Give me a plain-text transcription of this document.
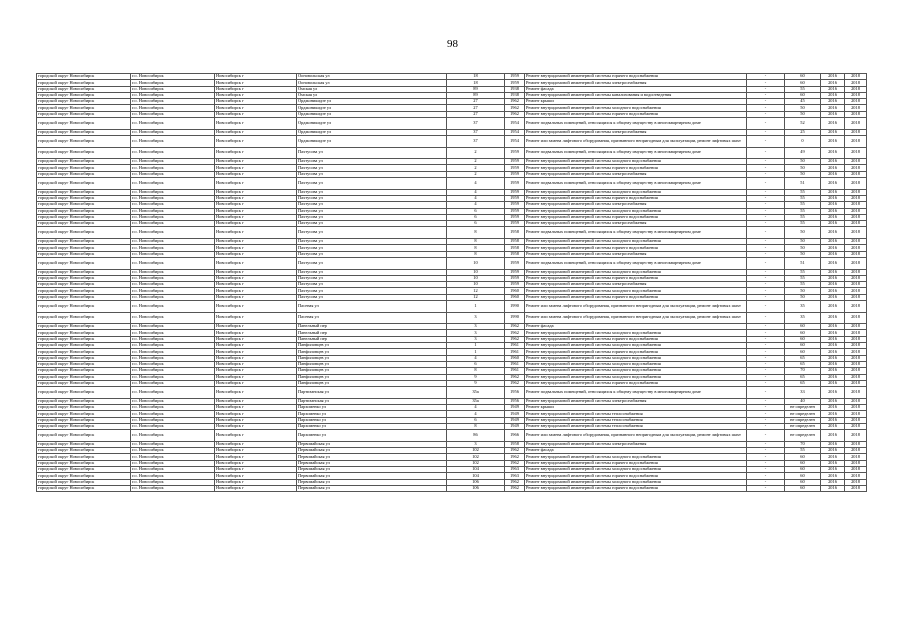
98
городской округ Новосибирск	г.о. Новосибирск	Новосибирск г	Ооновольская ул	18	1959	Ремонт внутридомовой инженерной системы горячего водоснабжения	-	60	2016	2018
городской округ Новосибирск	г.о. Новосибирск	Новосибирск г	Ооновольская ул	18	1959	Ремонт внутридомовой инженерной системы электроснабжения	-	60	2016	2018
городской округ Новосибирск	г.о. Новосибирск	Новосибирск г	Омская ул	89	1938	Ремонт фасада	-	55	2016	2018
городской округ Новосибирск	г.о. Новосибирск	Новосибирск г	Омская ул	89	1938	Ремонт внутридомовой инженерной системы канализования и водоотведения	-	60	2016	2018
городской округ Новосибирск	г.о. Новосибирск	Новосибирск г	Орджоникидзе ул	27	1962	Ремонт крыши	-	45	2016	2018
городской округ Новосибирск	г.о. Новосибирск	Новосибирск г	Орджоникидзе ул	27	1962	Ремонт внутридомовой инженерной системы холодного водоснабжения	-	50	2016	2018
городской округ Новосибирск	г.о. Новосибирск	Новосибирск г	Орджоникидзе ул	27	1962	Ремонт внутридомовой инженерной системы горячего водоснабжения	-	50	2016	2018
городской округ Новосибирск	г.о. Новосибирск	Новосибирск г	Орджоникидзе ул	37	1954	Ремонт подвальных помещений, относящихся к общему имуществу в многоквартирном доме	-	52	2016	2018
городской округ Новосибирск	г.о. Новосибирск	Новосибирск г	Орджоникидзе ул	37	1954	Ремонт внутридомовой инженерной системы электроснабжения	-	25	2016	2018
городской округ Новосибирск	г.о. Новосибирск	Новосибирск г	Орджоникидзе ул	37	1954	Ремонт или замена лифтового оборудования, признанного непригодным для эксплуатации, ремонт лифтовых шахт	-	0	2016	2018
городской округ Новосибирск	г.о. Новосибирск	Новосибирск г	Пахтусова ул	2	1959	Ремонт подвальных помещений, относящихся к общему имуществу в многоквартирном доме	-	49	2016	2018
городской округ Новосибирск	г.о. Новосибирск	Новосибирск г	Пахтусова ул	2	1959	Ремонт внутридомовой инженерной системы холодного водоснабжения	-	50	2016	2018
городской округ Новосибирск	г.о. Новосибирск	Новосибирск г	Пахтусова ул	2	1959	Ремонт внутридомовой инженерной системы горячего водоснабжения	-	50	2016	2018
городской округ Новосибирск	г.о. Новосибирск	Новосибирск г	Пахтусова ул	2	1959	Ремонт внутридомовой инженерной системы электроснабжения	-	50	2016	2018
городской округ Новосибирск	г.о. Новосибирск	Новосибирск г	Пахтусова ул	4	1959	Ремонт подвальных помещений, относящихся к общему имуществу в многоквартирном доме	-	51	2016	2018
городской округ Новосибирск	г.о. Новосибирск	Новосибирск г	Пахтусова ул	4	1959	Ремонт внутридомовой инженерной системы холодного водоснабжения	-	55	2016	2018
городской округ Новосибирск	г.о. Новосибирск	Новосибирск г	Пахтусова ул	4	1959	Ремонт внутридомовой инженерной системы горячего водоснабжения	-	55	2016	2018
городской округ Новосибирск	г.о. Новосибирск	Новосибирск г	Пахтусова ул	4	1959	Ремонт внутридомовой инженерной системы электроснабжения	-	55	2016	2018
городской округ Новосибирск	г.о. Новосибирск	Новосибирск г	Пахтусова ул	6	1959	Ремонт внутридомовой инженерной системы холодного водоснабжения	-	55	2016	2018
городской округ Новосибирск	г.о. Новосибирск	Новосибирск г	Пахтусова ул	6	1959	Ремонт внутридомовой инженерной системы горячего водоснабжения	-	55	2016	2018
городской округ Новосибирск	г.о. Новосибирск	Новосибирск г	Пахтусова ул	6	1959	Ремонт внутридомовой инженерной системы электроснабжения	-	55	2016	2018
городской округ Новосибирск	г.о. Новосибирск	Новосибирск г	Пахтусова ул	8	1958	Ремонт подвальных помещений, относящихся к общему имуществу в многоквартирном доме	-	50	2016	2018
городской округ Новосибирск	г.о. Новосибирск	Новосибирск г	Пахтусова ул	8	1958	Ремонт внутридомовой инженерной системы холодного водоснабжения	-	50	2016	2018
городской округ Новосибирск	г.о. Новосибирск	Новосибирск г	Пахтусова ул	8	1958	Ремонт внутридомовой инженерной системы горячего водоснабжения	-	50	2016	2018
городской округ Новосибирск	г.о. Новосибирск	Новосибирск г	Пахтусова ул	8	1958	Ремонт внутридомовой инженерной системы электроснабжения	-	50	2016	2018
городской округ Новосибирск	г.о. Новосибирск	Новосибирск г	Пахтусова ул	10	1959	Ремонт подвальных помещений, относящихся к общему имуществу в многоквартирном доме	-	51	2016	2018
городской округ Новосибирск	г.о. Новосибирск	Новосибирск г	Пахтусова ул	10	1959	Ремонт внутридомовой инженерной системы холодного водоснабжения	-	55	2016	2018
городской округ Новосибирск	г.о. Новосибирск	Новосибирск г	Пахтусова ул	10	1959	Ремонт внутридомовой инженерной системы горячего водоснабжения	-	55	2016	2018
городской округ Новосибирск	г.о. Новосибирск	Новосибирск г	Пахтусова ул	10	1959	Ремонт внутридомовой инженерной системы электроснабжения	-	55	2016	2018
городской округ Новосибирск	г.о. Новосибирск	Новосибирск г	Пахтусова ул	12	1960	Ремонт внутридомовой инженерной системы холодного водоснабжения	-	50	2016	2018
городской округ Новосибирск	г.о. Новосибирск	Новосибирск г	Пахтусова ул	12	1960	Ремонт внутридомовой инженерной системы горячего водоснабжения	-	50	2016	2018
городской округ Новосибирск	г.о. Новосибирск	Новосибирск г	Пасеная ул	1	1990	Ремонт или замена лифтового оборудования, признанного непригодным для эксплуатации, ремонт лифтовых шахт	-	35	2016	2018
городской округ Новосибирск	г.о. Новосибирск	Новосибирск г	Пасеная ул	3	1990	Ремонт или замена лифтового оборудования, признанного непригодным для эксплуатации, ремонт лифтовых шахт	-	35	2016	2018
городской округ Новосибирск	г.о. Новосибирск	Новосибирск г	Панельный пер	3	1962	Ремонт фасада	-	60	2016	2018
городской округ Новосибирск	г.о. Новосибирск	Новосибирск г	Панельный пер	3	1962	Ремонт внутридомовой инженерной системы холодного водоснабжения	-	60	2016	2018
городской округ Новосибирск	г.о. Новосибирск	Новосибирск г	Панельный пер	3	1962	Ремонт внутридомовой инженерной системы горячего водоснабжения	-	60	2016	2018
городской округ Новосибирск	г.о. Новосибирск	Новосибирск г	Панфиловцев ул	1	1961	Ремонт внутридомовой инженерной системы холодного водоснабжения	-	60	2016	2018
городской округ Новосибирск	г.о. Новосибирск	Новосибирск г	Панфиловцев ул	1	1961	Ремонт внутридомовой инженерной системы горячего водоснабжения	-	60	2016	2018
городской округ Новосибирск	г.о. Новосибирск	Новосибирск г	Панфиловцев ул	4	1960	Ремонт внутридомовой инженерной системы холодного водоснабжения	-	65	2016	2018
городской округ Новосибирск	г.о. Новосибирск	Новосибирск г	Панфиловцев ул	6	1961	Ремонт внутридомовой инженерной системы холодного водоснабжения	-	65	2016	2018
городской округ Новосибирск	г.о. Новосибирск	Новосибирск г	Панфиловцев ул	8	1961	Ремонт внутридомовой инженерной системы холодного водоснабжения	-	70	2016	2018
городской округ Новосибирск	г.о. Новосибирск	Новосибирск г	Панфиловцев ул	9	1962	Ремонт внутридомовой инженерной системы холодного водоснабжения	-	65	2016	2018
городской округ Новосибирск	г.о. Новосибирск	Новосибирск г	Панфиловцев ул	9	1962	Ремонт внутридомовой инженерной системы горячего водоснабжения	-	65	2016	2018
городской округ Новосибирск	г.о. Новосибирск	Новосибирск г	Партизанская ул	35а	1956	Ремонт подвальных помещений, относящихся к общему имуществу в многоквартирном доме	-	33	2016	2018
городской округ Новосибирск	г.о. Новосибирск	Новосибирск г	Партизанская ул	35а	1956	Ремонт внутридомовой инженерной системы электроснабжения	-	40	2016	2018
городской округ Новосибирск	г.о. Новосибирск	Новосибирск г	Пархоменко ул	4	1949	Ремонт крыши	-	не определен	2016	2018
городской округ Новосибирск	г.о. Новосибирск	Новосибирск г	Пархоменко ул	4	1949	Ремонт внутридомовой инженерной системы теплоснабжения	-	не определен	2016	2018
городской округ Новосибирск	г.о. Новосибирск	Новосибирск г	Пархоменко ул	6	1949	Ремонт внутридомовой инженерной системы теплоснабжения	-	не определен	2016	2018
городской округ Новосибирск	г.о. Новосибирск	Новосибирск г	Пархоменко ул	8	1949	Ремонт внутридомовой инженерной системы теплоснабжения	-	не определен	2016	2018
городской округ Новосибирск	г.о. Новосибирск	Новосибирск г	Пархоменко ул	86	1966	Ремонт или замена лифтового оборудования, признанного непригодным для эксплуатации, ремонт лифтовых шахт	-	не определен	2016	2018
городской округ Новосибирск	г.о. Новосибирск	Новосибирск г	Первомайская ул	3	1958	Ремонт внутридомовой инженерной системы электроснабжения	-	70	2016	2018
городской округ Новосибирск	г.о. Новосибирск	Новосибирск г	Первомайская ул	102	1962	Ремонт фасада	-	55	2016	2018
городской округ Новосибирск	г.о. Новосибирск	Новосибирск г	Первомайская ул	102	1962	Ремонт внутридомовой инженерной системы холодного водоснабжения	-	60	2016	2018
городской округ Новосибирск	г.о. Новосибирск	Новосибирск г	Первомайская ул	102	1962	Ремонт внутридомовой инженерной системы горячего водоснабжения	-	60	2016	2018
городской округ Новосибирск	г.о. Новосибирск	Новосибирск г	Первомайская ул	104	1963	Ремонт внутридомовой инженерной системы холодного водоснабжения	-	60	2016	2018
городской округ Новосибирск	г.о. Новосибирск	Новосибирск г	Первомайская ул	104	1963	Ремонт внутридомовой инженерной системы горячего водоснабжения	-	60	2016	2018
городской округ Новосибирск	г.о. Новосибирск	Новосибирск г	Первомайская ул	106	1962	Ремонт внутридомовой инженерной системы холодного водоснабжения	-	60	2016	2018
городской округ Новосибирск	г.о. Новосибирск	Новосибирск г	Первомайская ул	106	1962	Ремонт внутридомовой инженерной системы горячего водоснабжения	-	60	2016	2018
